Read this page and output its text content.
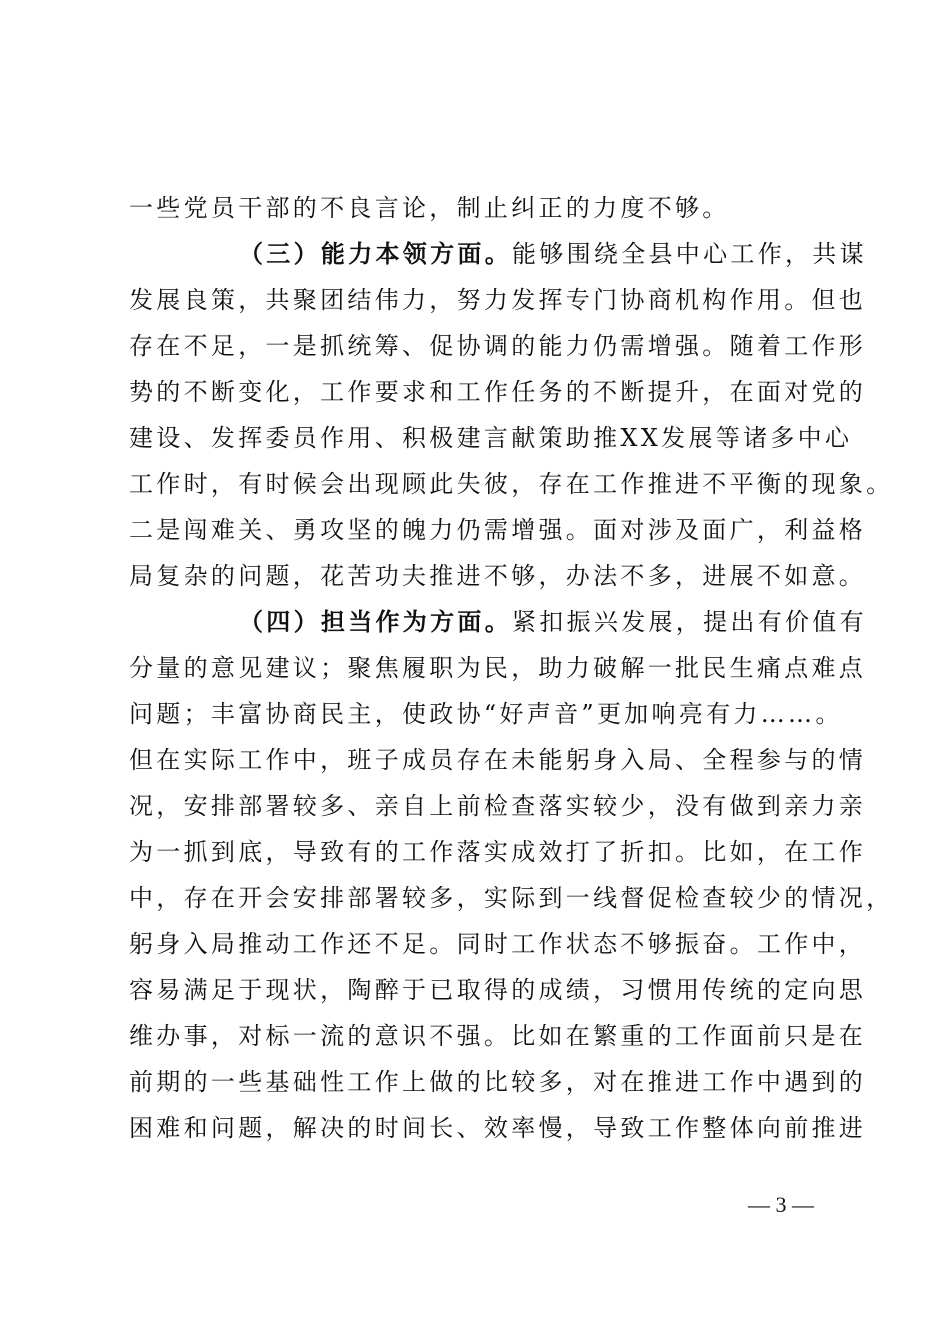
一些党员干部的不良言论，制止纠正的力度不够。
（三）能力本领方面。能够围绕全县中心工作，共谋
发展良策，共聚团结伟力，努力发挥专门协商机构作用。但也
存在不足，一是抓统筹、促协调的能力仍需增强。随着工作形
势的不断变化，工作要求和工作任务的不断提升，在面对党的
建设、发挥委员作用、积极建言献策助推XX发展等诸多中心
工作时，有时候会出现顾此失彼，存在工作推进不平衡的现象。
二是闯难关、勇攻坚的魄力仍需增强。面对涉及面广，利益格
局复杂的问题，花苦功夫推进不够，办法不多，进展不如意。
（四）担当作为方面。紧扣振兴发展，提出有价值有
分量的意见建议；聚焦履职为民，助力破解一批民生痛点难点
问题；丰富协商民主，使政协“好声音”更加响亮有力……。
但在实际工作中，班子成员存在未能躬身入局、全程参与的情
况，安排部署较多、亲自上前检查落实较少，没有做到亲力亲
为一抓到底，导致有的工作落实成效打了折扣。比如，在工作
中，存在开会安排部署较多，实际到一线督促检查较少的情况，
躬身入局推动工作还不足。同时工作状态不够振奋。工作中，
容易满足于现状，陶醉于已取得的成绩，习惯用传统的定向思
维办事，对标一流的意识不强。比如在繁重的工作面前只是在
前期的一些基础性工作上做的比较多，对在推进工作中遇到的
困难和问题，解决的时间长、效率慢，导致工作整体向前推进
— 3 —
